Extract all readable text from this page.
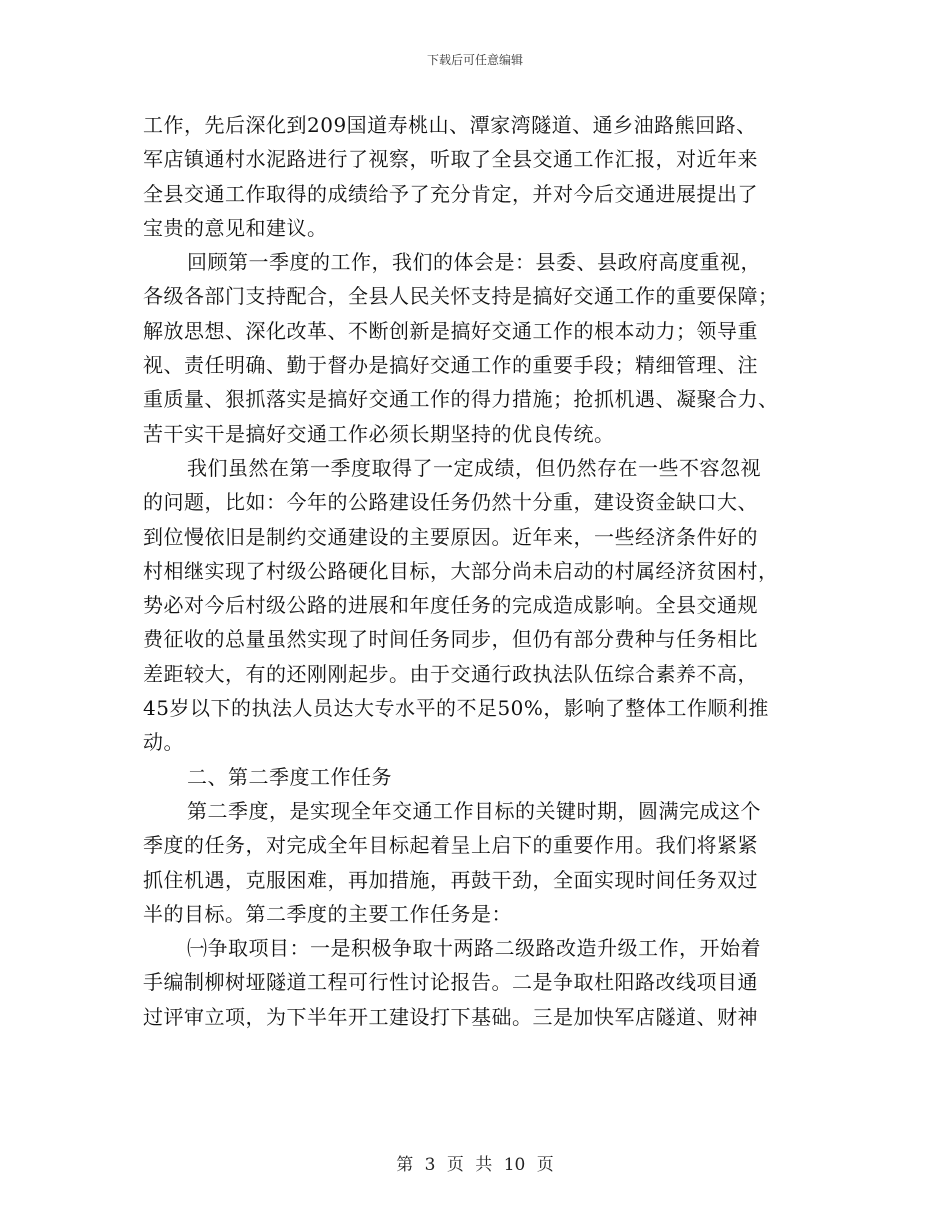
下载后可任意编辑
工作，先后深化到209国道寿桃山、潭家湾隧道、通乡油路熊回路、
军店镇通村水泥路进行了视察，听取了全县交通工作汇报，对近年来
全县交通工作取得的成绩给予了充分肯定，并对今后交通进展提出了
宝贵的意见和建议。
回顾第一季度的工作，我们的体会是：县委、县政府高度重视，
各级各部门支持配合，全县人民关怀支持是搞好交通工作的重要保障；
解放思想、深化改革、不断创新是搞好交通工作的根本动力；领导重
视、责任明确、勤于督办是搞好交通工作的重要手段；精细管理、注
重质量、狠抓落实是搞好交通工作的得力措施；抢抓机遇、凝聚合力、
苦干实干是搞好交通工作必须长期坚持的优良传统。
我们虽然在第一季度取得了一定成绩，但仍然存在一些不容忽视
的问题，比如：今年的公路建设任务仍然十分重，建设资金缺口大、
到位慢依旧是制约交通建设的主要原因。近年来，一些经济条件好的
村相继实现了村级公路硬化目标，大部分尚未启动的村属经济贫困村，
势必对今后村级公路的进展和年度任务的完成造成影响。全县交通规
费征收的总量虽然实现了时间任务同步，但仍有部分费种与任务相比
差距较大，有的还刚刚起步。由于交通行政执法队伍综合素养不高，
45岁以下的执法人员达大专水平的不足50%，影响了整体工作顺利推
动。
二、第二季度工作任务
第二季度，是实现全年交通工作目标的关键时期，圆满完成这个
季度的任务，对完成全年目标起着呈上启下的重要作用。我们将紧紧
抓住机遇，克服困难，再加措施，再鼓干劲，全面实现时间任务双过
半的目标。第二季度的主要工作任务是：
㈠争取项目：一是积极争取十两路二级路改造升级工作，开始着
手编制柳树垭隧道工程可行性讨论报告。二是争取杜阳路改线项目通
过评审立项，为下半年开工建设打下基础。三是加快军店隧道、财神
第 3 页 共 10 页
